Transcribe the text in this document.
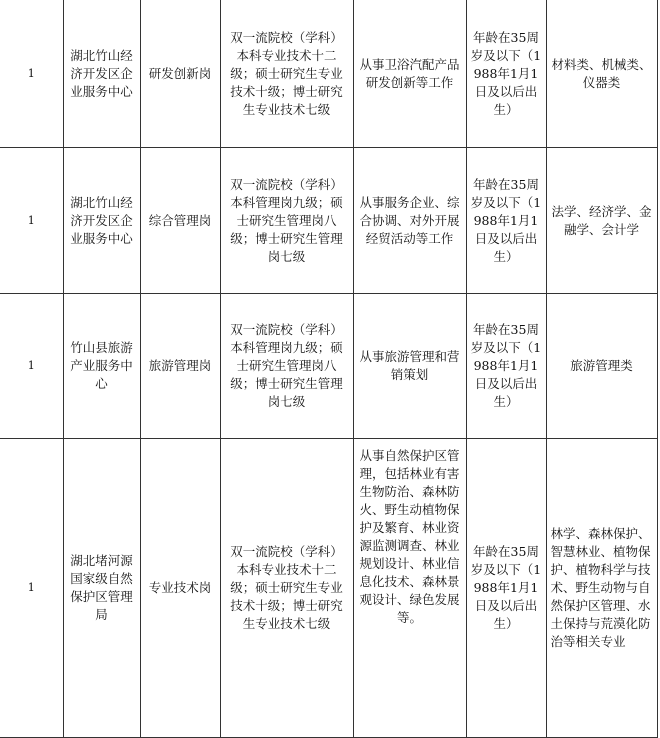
1	湖北竹山经济开发区企业服务中心	研发创新岗	双一流院校（学科）本科专业技术十二级；硕士研究生专业技术十级；博士研究生专业技术七级	从事卫浴汽配产品研发创新等工作	年龄在35周岁及以下（1988年1月1日及以后出生）	材料类、机械类、仪器类
1	湖北竹山经济开发区企业服务中心	综合管理岗	双一流院校（学科）本科管理岗九级；硕士研究生管理岗八级；博士研究生管理岗七级	从事服务企业、综合协调、对外开展经贸活动等工作	年龄在35周岁及以下（1988年1月1日及以后出生）	法学、经济学、金融学、会计学
1	竹山县旅游产业服务中心	旅游管理岗	双一流院校（学科）本科管理岗九级；硕士研究生管理岗八级；博士研究生管理岗七级	从事旅游管理和营销策划	年龄在35周岁及以下（1988年1月1日及以后出生）	旅游管理类
1	湖北堵河源国家级自然保护区管理局	专业技术岗	双一流院校（学科）本科专业技术十二级；硕士研究生专业技术十级；博士研究生专业技术七级	从事自然保护区管理，包括林业有害生物防治、森林防火、野生动植物保护及繁育、林业资源监测调查、林业规划设计、林业信息化技术、森林景观设计、绿色发展等。	年龄在35周岁及以下（1988年1月1日及以后出生）	林学、森林保护、智慧林业、植物保护、植物科学与技术、野生动物与自然保护区管理、水土保持与荒漠化防治等相关专业
